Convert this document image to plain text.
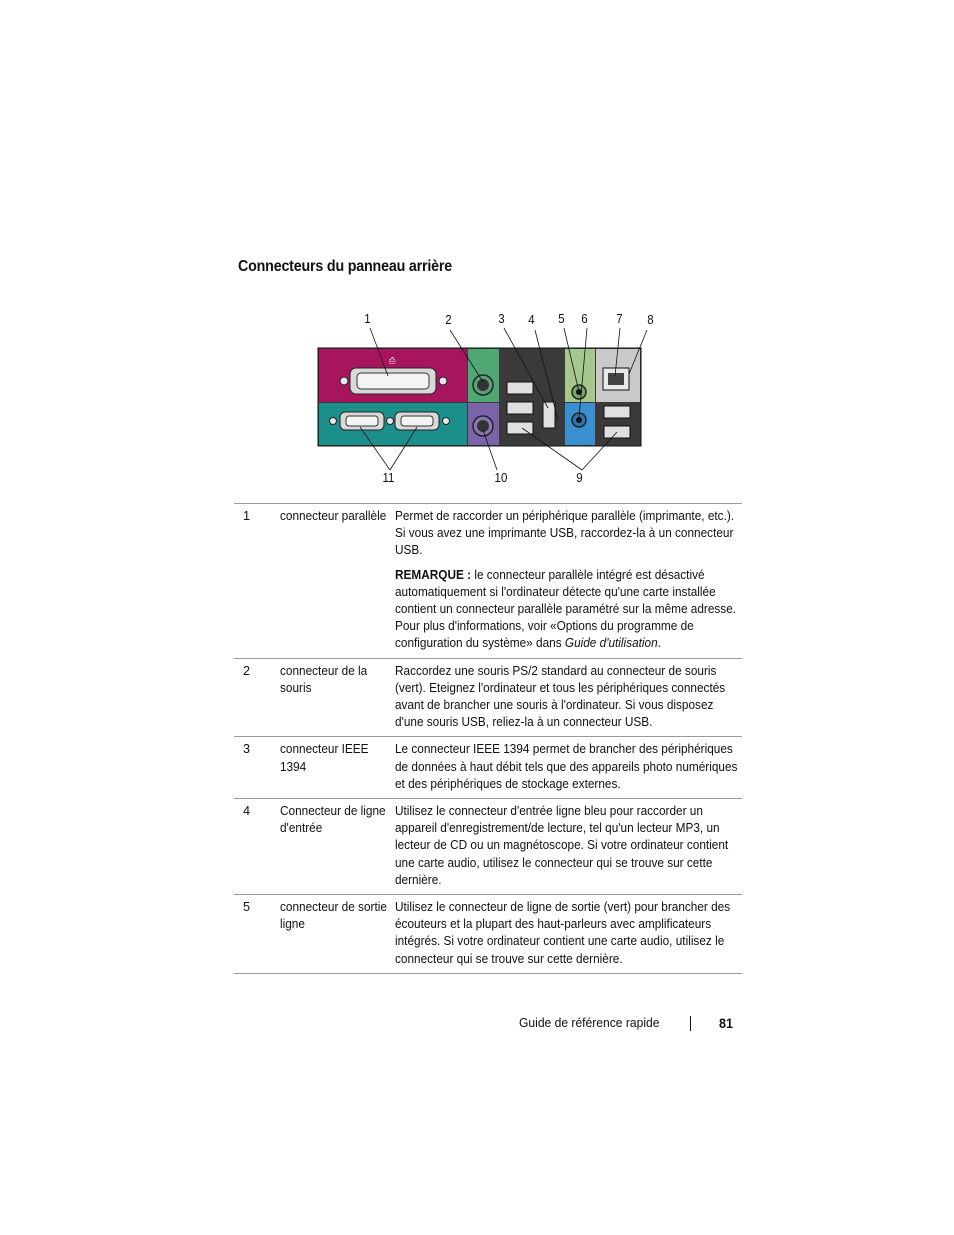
Connecteurs du panneau arrière
1	2	3 4 5 6 7 8
9
10
11
⎙
1	connecteur parallèle	Permet de raccorder un périphérique parallèle (imprimante, etc.). Si vous avez une imprimante USB, raccordez-la à un connecteur USB.
REMARQUE : le connecteur parallèle intégré est désactivé automatiquement si l'ordinateur détecte qu'une carte installée contient un connecteur parallèle paramétré sur la même adresse. Pour plus d'informations, voir «Options du programme de configuration du système» dans Guide d'utilisation.

2	connecteur de la souris	Raccordez une souris PS/2 standard au connecteur de souris (vert). Eteignez l'ordinateur et tous les périphériques connectés avant de brancher une souris à l'ordinateur. Si vous disposez d'une souris USB, reliez-la à un connecteur USB.

3	connecteur IEEE 1394	Le connecteur IEEE 1394 permet de brancher des périphériques de données à haut débit tels que des appareils photo numériques et des périphériques de stockage externes.

4	Connecteur de ligne d'entrée	Utilisez le connecteur d'entrée ligne bleu pour raccorder un appareil d'enregistrement/de lecture, tel qu'un lecteur MP3, un lecteur de CD ou un magnétoscope. Si votre ordinateur contient une carte audio, utilisez le connecteur qui se trouve sur cette dernière.

5	connecteur de sortie ligne	Utilisez le connecteur de ligne de sortie (vert) pour brancher des écouteurs et la plupart des haut-parleurs avec amplificateurs intégrés. Si votre ordinateur contient une carte audio, utilisez le connecteur qui se trouve sur cette dernière.
Guide de référence rapide	81
